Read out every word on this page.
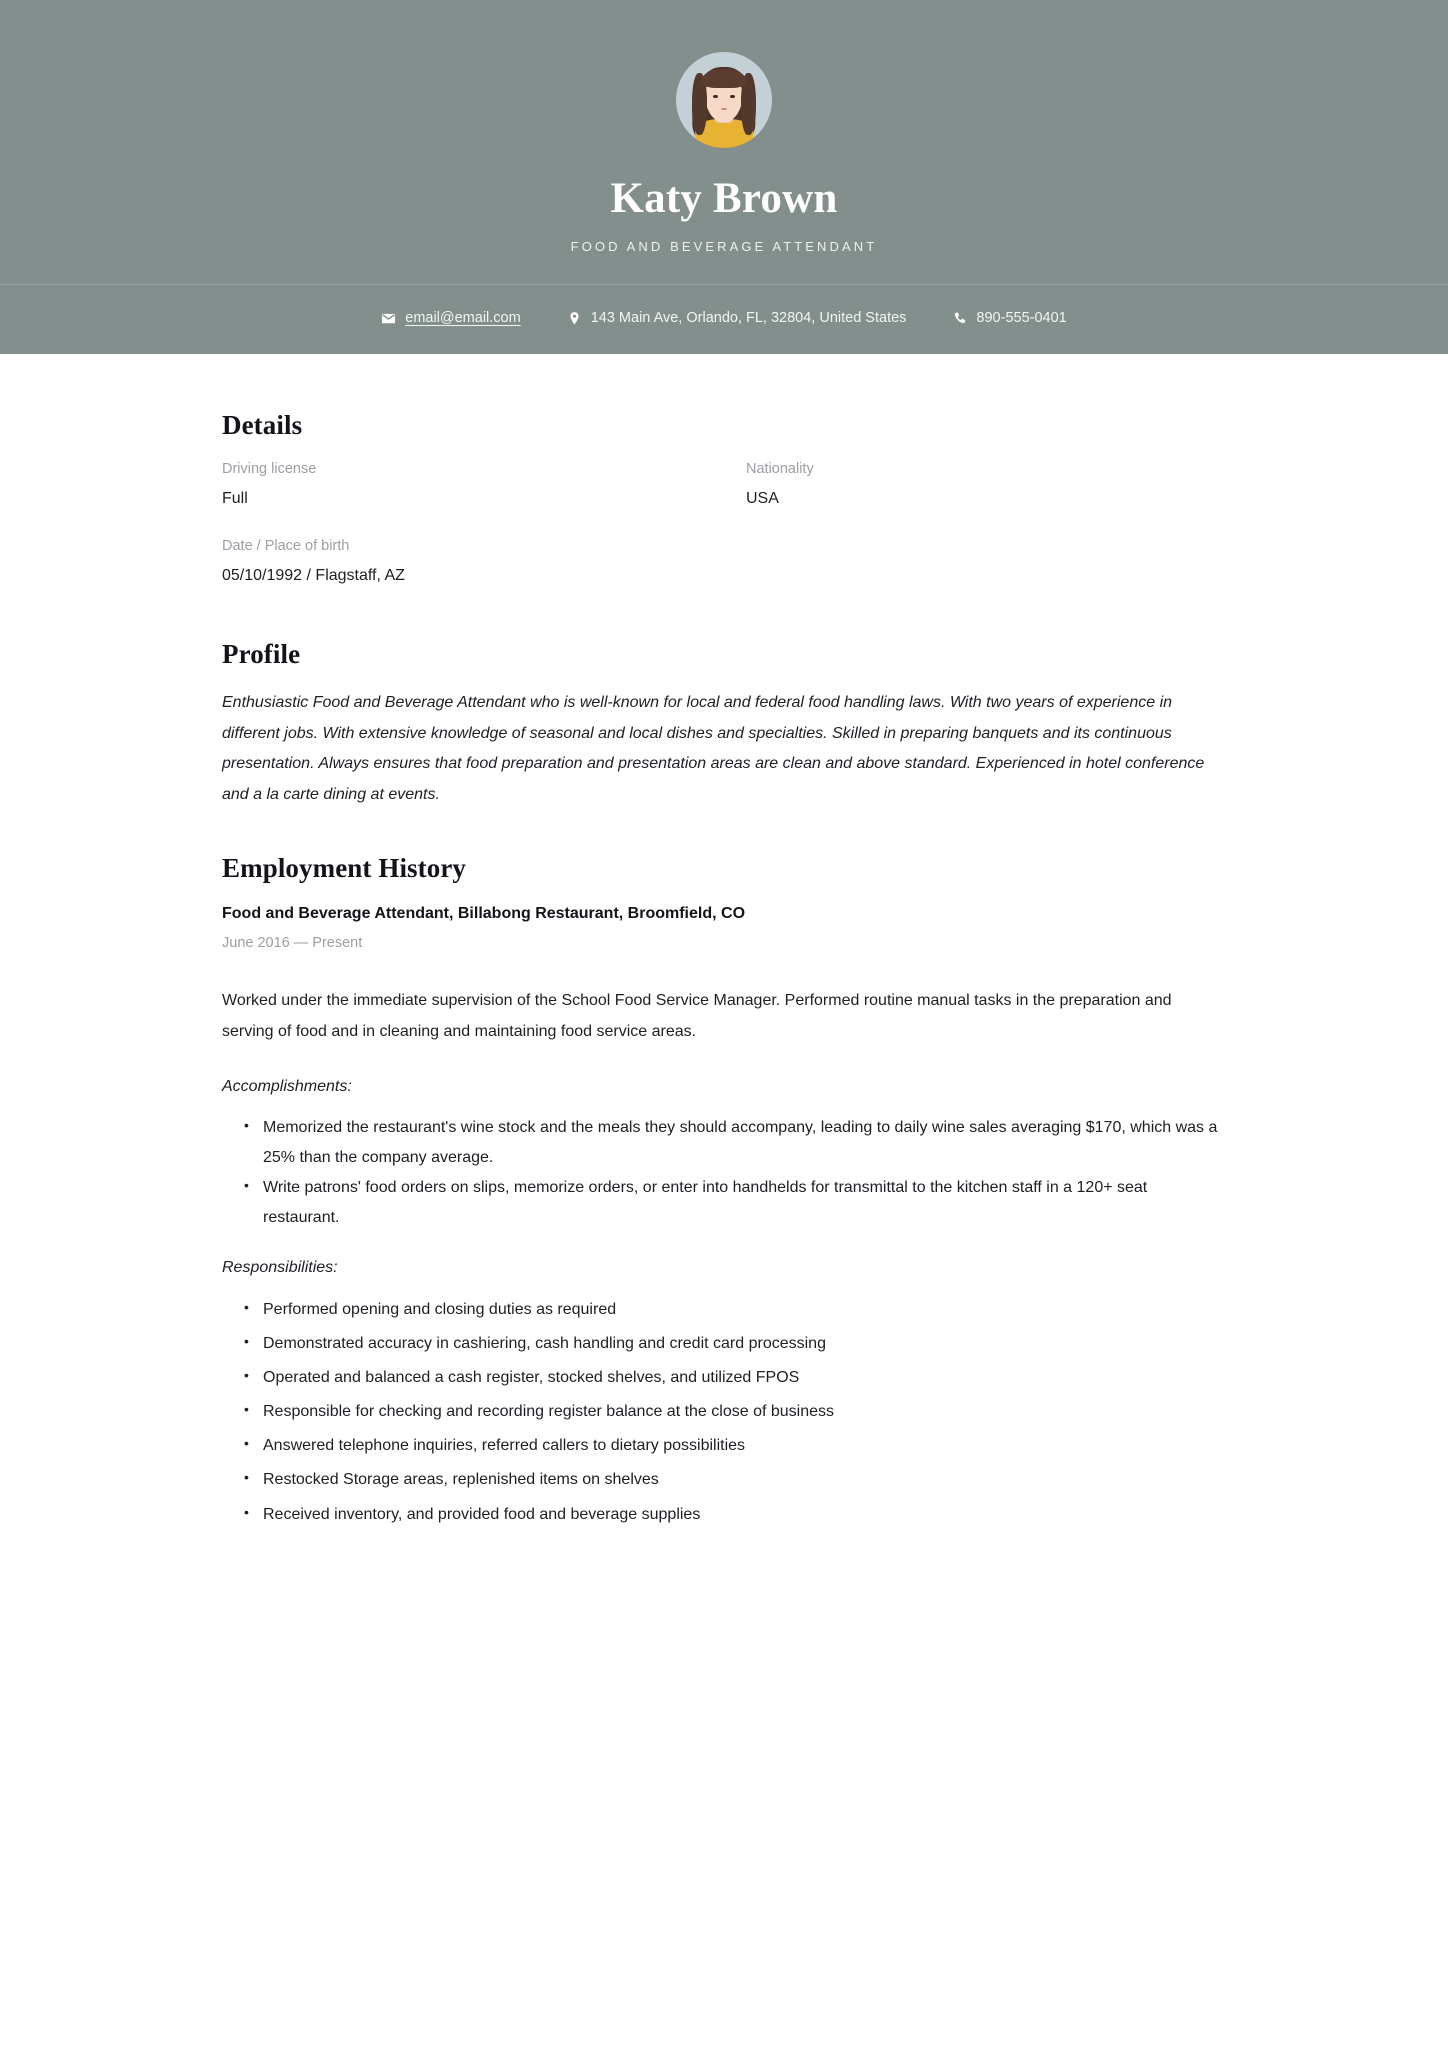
Katy Brown

FOOD AND BEVERAGE ATTENDANT

email@email.com	143 Main Ave, Orlando, FL, 32804, United States	890-555-0401
Details

Driving license

Full

Nationality

USA

Date / Place of birth

05/10/1992 / Flagstaff, AZ

Profile

Enthusiastic Food and Beverage Attendant who is well-known for local and federal food handling laws. With two years of experience in different jobs. With extensive knowledge of seasonal and local dishes and specialties. Skilled in preparing banquets and its continuous presentation. Always ensures that food preparation and presentation areas are clean and above standard. Experienced in hotel conference and a la carte dining at events.

Employment History

Food and Beverage Attendant, Billabong Restaurant, Broomfield, CO

June 2016 — Present

Worked under the immediate supervision of the School Food Service Manager. Performed routine manual tasks in the preparation and serving of food and in cleaning and maintaining food service areas.

Accomplishments:

• Memorized the restaurant's wine stock and the meals they should accompany, leading to daily wine sales averaging $170, which was a 25% than the company average.
• Write patrons' food orders on slips, memorize orders, or enter into handhelds for transmittal to the kitchen staff in a 120+ seat restaurant.

Responsibilities:

• Performed opening and closing duties as required
• Demonstrated accuracy in cashiering, cash handling and credit card processing
• Operated and balanced a cash register, stocked shelves, and utilized FPOS
• Responsible for checking and recording register balance at the close of business
• Answered telephone inquiries, referred callers to dietary possibilities
• Restocked Storage areas, replenished items on shelves
• Received inventory, and provided food and beverage supplies
